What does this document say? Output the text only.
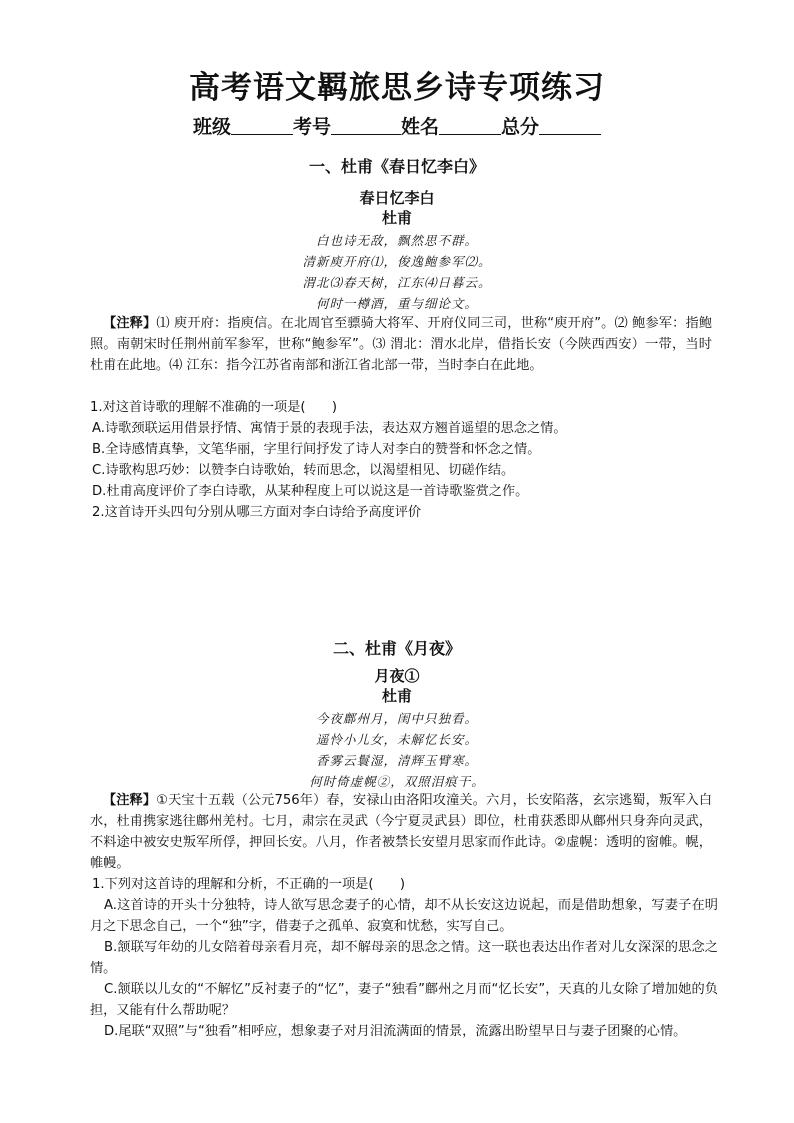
高考语文羁旅思乡诗专项练习
班级	考号	姓名	总分
一、杜甫《春日忆李白》
春日忆李白
杜甫
白也诗无敌，飘然思不群。
清新庾开府⑴，俊逸鲍参军⑵。
渭北⑶春天树，江东⑷日暮云。
何时一樽酒，重与细论文。
【注释】⑴ 庾开府：指庾信。在北周官至骠骑大将军、开府仪同三司，世称“庾开府”。⑵ 鲍参军：指鲍照。南朝宋时任荆州前军参军，世称“鲍参军”。⑶ 渭北：渭水北岸，借指长安（今陕西西安）一带，当时杜甫在此地。⑷ 江东：指今江苏省南部和浙江省北部一带，当时李白在此地。
1.对这首诗歌的理解不准确的一项是(　　)
A.诗歌颈联运用借景抒情、寓情于景的表现手法，表达双方翘首遥望的思念之情。
B.全诗感情真挚，文笔华丽，字里行间抒发了诗人对李白的赞誉和怀念之情。
C.诗歌构思巧妙：以赞李白诗歌始，转而思念，以渴望相见、切磋作结。
D.杜甫高度评价了李白诗歌，从某种程度上可以说这是一首诗歌鉴赏之作。
2.这首诗开头四句分别从哪三方面对李白诗给予高度评价
二、杜甫《月夜》
月夜①
杜甫
今夜鄜州月，闺中只独看。
遥怜小儿女，未解忆长安。
香雾云鬟湿，清辉玉臂寒。
何时倚虚幌②，双照泪痕干。
【注释】①天宝十五载（公元756年）春，安禄山由洛阳攻潼关。六月，长安陷落，玄宗逃蜀，叛军入白水，杜甫携家逃往鄜州羌村。七月，肃宗在灵武（今宁夏灵武县）即位，杜甫获悉即从鄜州只身奔向灵武，不料途中被安史叛军所俘，押回长安。八月，作者被禁长安望月思家而作此诗。②虚幌：透明的窗帷。幌，帷幔。
1.下列对这首诗的理解和分析，不正确的一项是(　　)
A.这首诗的开头十分独特，诗人欲写思念妻子的心情，却不从长安这边说起，而是借助想象，写妻子在明月之下思念自己，一个“独”字，借妻子之孤单、寂寞和忧愁，实写自己。
B.颔联写年幼的儿女陪着母亲看月亮，却不解母亲的思念之情。这一联也表达出作者对儿女深深的思念之情。
C.颔联以儿女的“不解忆”反衬妻子的“忆”，妻子“独看”鄜州之月而“忆长安”，天真的儿女除了增加她的负担，又能有什么帮助呢？
D.尾联“双照”与“独看”相呼应，想象妻子对月泪流满面的情景，流露出盼望早日与妻子团聚的心情。
